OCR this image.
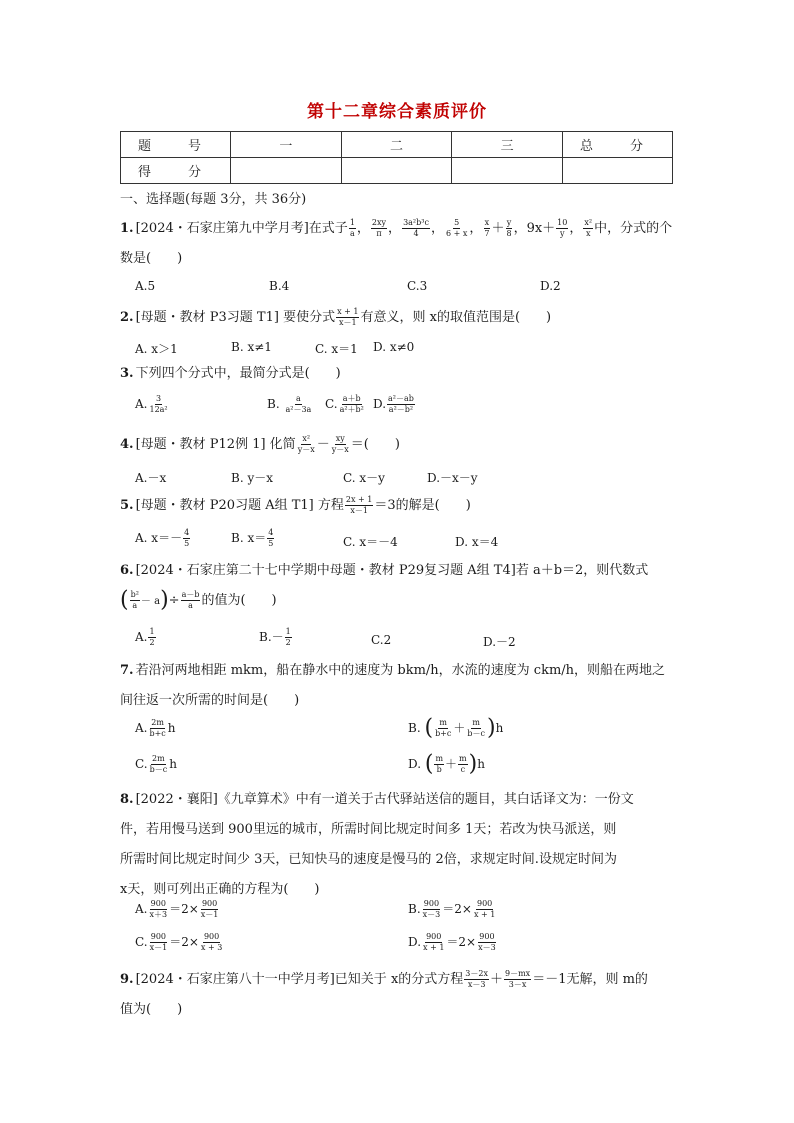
第十二章综合素质评价
题　号	一	二	三	总　分
得　分				
一、选择题(每题 3分，共 36分)
1. [2024・石家庄第九中学月考]在式子 $\frac{1}{a}$ ， $\frac{2xy}{\pi}$ ， $\frac{\text{3a²b³c}}{4}$ ， $\frac{5}{6 + x}$ ， $\frac{x}{7} + \frac{y}{8}$ ，$9x+ \frac{10}{y}$ ， $\frac{\text{x²}}{x}$ 中，分式的个
数是(　　)
A.5	B.4	C.3	D.2
2. [母题・教材 P3习题 T1] 要使分式 $\frac{x + 1}{x-1}$ 有意义，则 x的取值范围是(　　)
A. x＞1	B. x≠1	C. x＝1 D. x≠0
3. 下列四个分式中，最简分式是(　　)
A. $\frac{3}{\text{12a²}}$	B. $\frac{a}{\text{a²－3a}} C$. $\frac{a+b}{\text{a²＋b²}} D$. $\frac{\text{a²－ab}}{\text{a²－b²}}$
4. [母题・教材 P12例 1] 化简 $\frac{\text{x²}}{y-x} - \frac{xy}{y-x}$ ＝(　　)
A.－x	B. y－x	C. x－y	D.－x－y
5. [母题・教材 P20习题 A组 T1] 方程 $\frac{2x + 1}{x-1} =3$的解是(　　)
A. $x=- \frac{4}{5}$	B. $x= \frac{4}{5}$	C. x＝－4	D. x＝4
6. [2024・石家庄第二十七中学期中母题・教材 P29复习题 A组 T4]若 a＋b＝2，则代数式
( $\frac{\text{b²}}{a} - a)\div \frac{a-b}{a}$ 的值为(　　)
A. $\frac{1}{2}$	$B.- \frac{1}{2}$	C.2	D.－2
7. 若沿河两地相距 mkm，船在静水中的速度为 bkm/h，水流的速度为 ckm/h，则船在两地之
间往返一次所需的时间是(　　)
A. $\frac{2m}{b+c}$ h	B. ( $\frac{m}{b+c} + \frac{m}{b-c} )h$
C. $\frac{2m}{b-c}$ h	D. ( $\frac{m}{b} + \frac{m}{c} )h$
8. [2022・襄阳]《九章算术》中有一道关于古代驿站送信的题目，其白话译文为：一份文
件，若用慢马送到 900里远的城市，所需时间比规定时间多 1天；若改为快马派送，则
所需时间比规定时间少 3天，已知快马的速度是慢马的 2倍，求规定时间.设规定时间为
x天，则可列出正确的方程为(　　)
A. $\frac{900}{x+3} =2\times \frac{900}{x-1}$	B. $\frac{900}{x-3} =2\times \frac{900}{x + 1}$
C. $\frac{900}{x-1} =2\times \frac{900}{x + 3}$	D. $\frac{900}{x + 1} =2\times \frac{900}{x-3}$
9. [2024・石家庄第八十一中学月考]已知关于 x的分式方程 $\frac{3-2x}{x-3} + \frac{9-mx}{3-x} =-1$无解，则 m的
值为(　　)
